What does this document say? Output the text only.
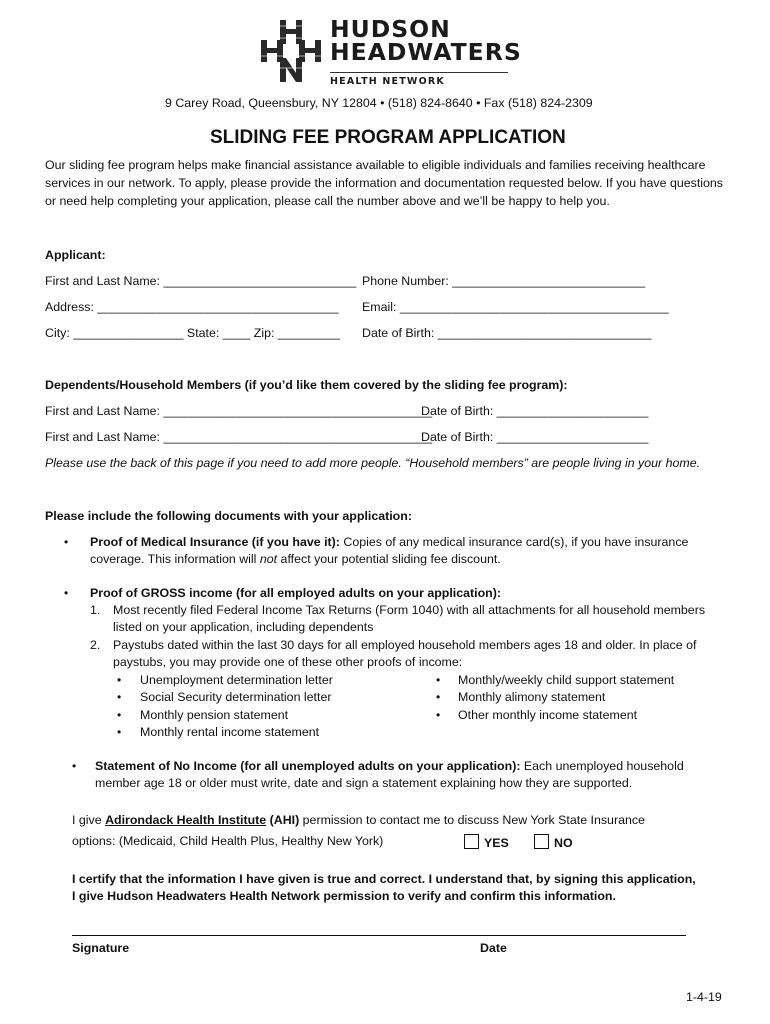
HUDSON
HEADWATERS
HEALTH NETWORK
9 Carey Road, Queensbury, NY 12804 • (518) 824-8640 • Fax (518) 824-2309
SLIDING FEE PROGRAM APPLICATION
Our sliding fee program helps make financial assistance available to eligible individuals and families receiving healthcare services in our network. To apply, please provide the information and documentation requested below. If you have questions or need help completing your application, please call the number above and we’ll be happy to help you.
Applicant:
First and Last Name: ____________________________ Phone Number: ____________________________
Address: ___________________________________ Email: _______________________________________
City: ________________ State: ____ Zip: _________ Date of Birth: _______________________________
Dependents/Household Members (if you’d like them covered by the sliding fee program):
First and Last Name: _______________________________________
Date of Birth: ______________________
First and Last Name: _______________________________________
Date of Birth: ______________________
Please use the back of this page if you need to add more people. “Household members” are people living in your home.
Please include the following documents with your application:
• Proof of Medical Insurance (if you have it): Copies of any medical insurance card(s), if you have insurance
coverage. This information will not affect your potential sliding fee discount.
• Proof of GROSS income (for all employed adults on your application):
1. Most recently filed Federal Income Tax Returns (Form 1040) with all attachments for all household members
listed on your application, including dependents
2. Paystubs dated within the last 30 days for all employed household members ages 18 and older. In place of
paystubs, you may provide one of these other proofs of income:
• Unemployment determination letter
• Social Security determination letter
• Monthly pension statement
• Monthly rental income statement
• Monthly/weekly child support statement
• Monthly alimony statement
• Other monthly income statement
• Statement of No Income (for all unemployed adults on your application): Each unemployed household
member age 18 or older must write, date and sign a statement explaining how they are supported.
I give Adirondack Health Institute (AHI) permission to contact me to discuss New York State Insurance
options: (Medicaid, Child Health Plus, Healthy New York)	YES	NO
I certify that the information I have given is true and correct. I understand that, by signing this application,
I give Hudson Headwaters Health Network permission to verify and confirm this information.
Signature	Date
1-4-19
